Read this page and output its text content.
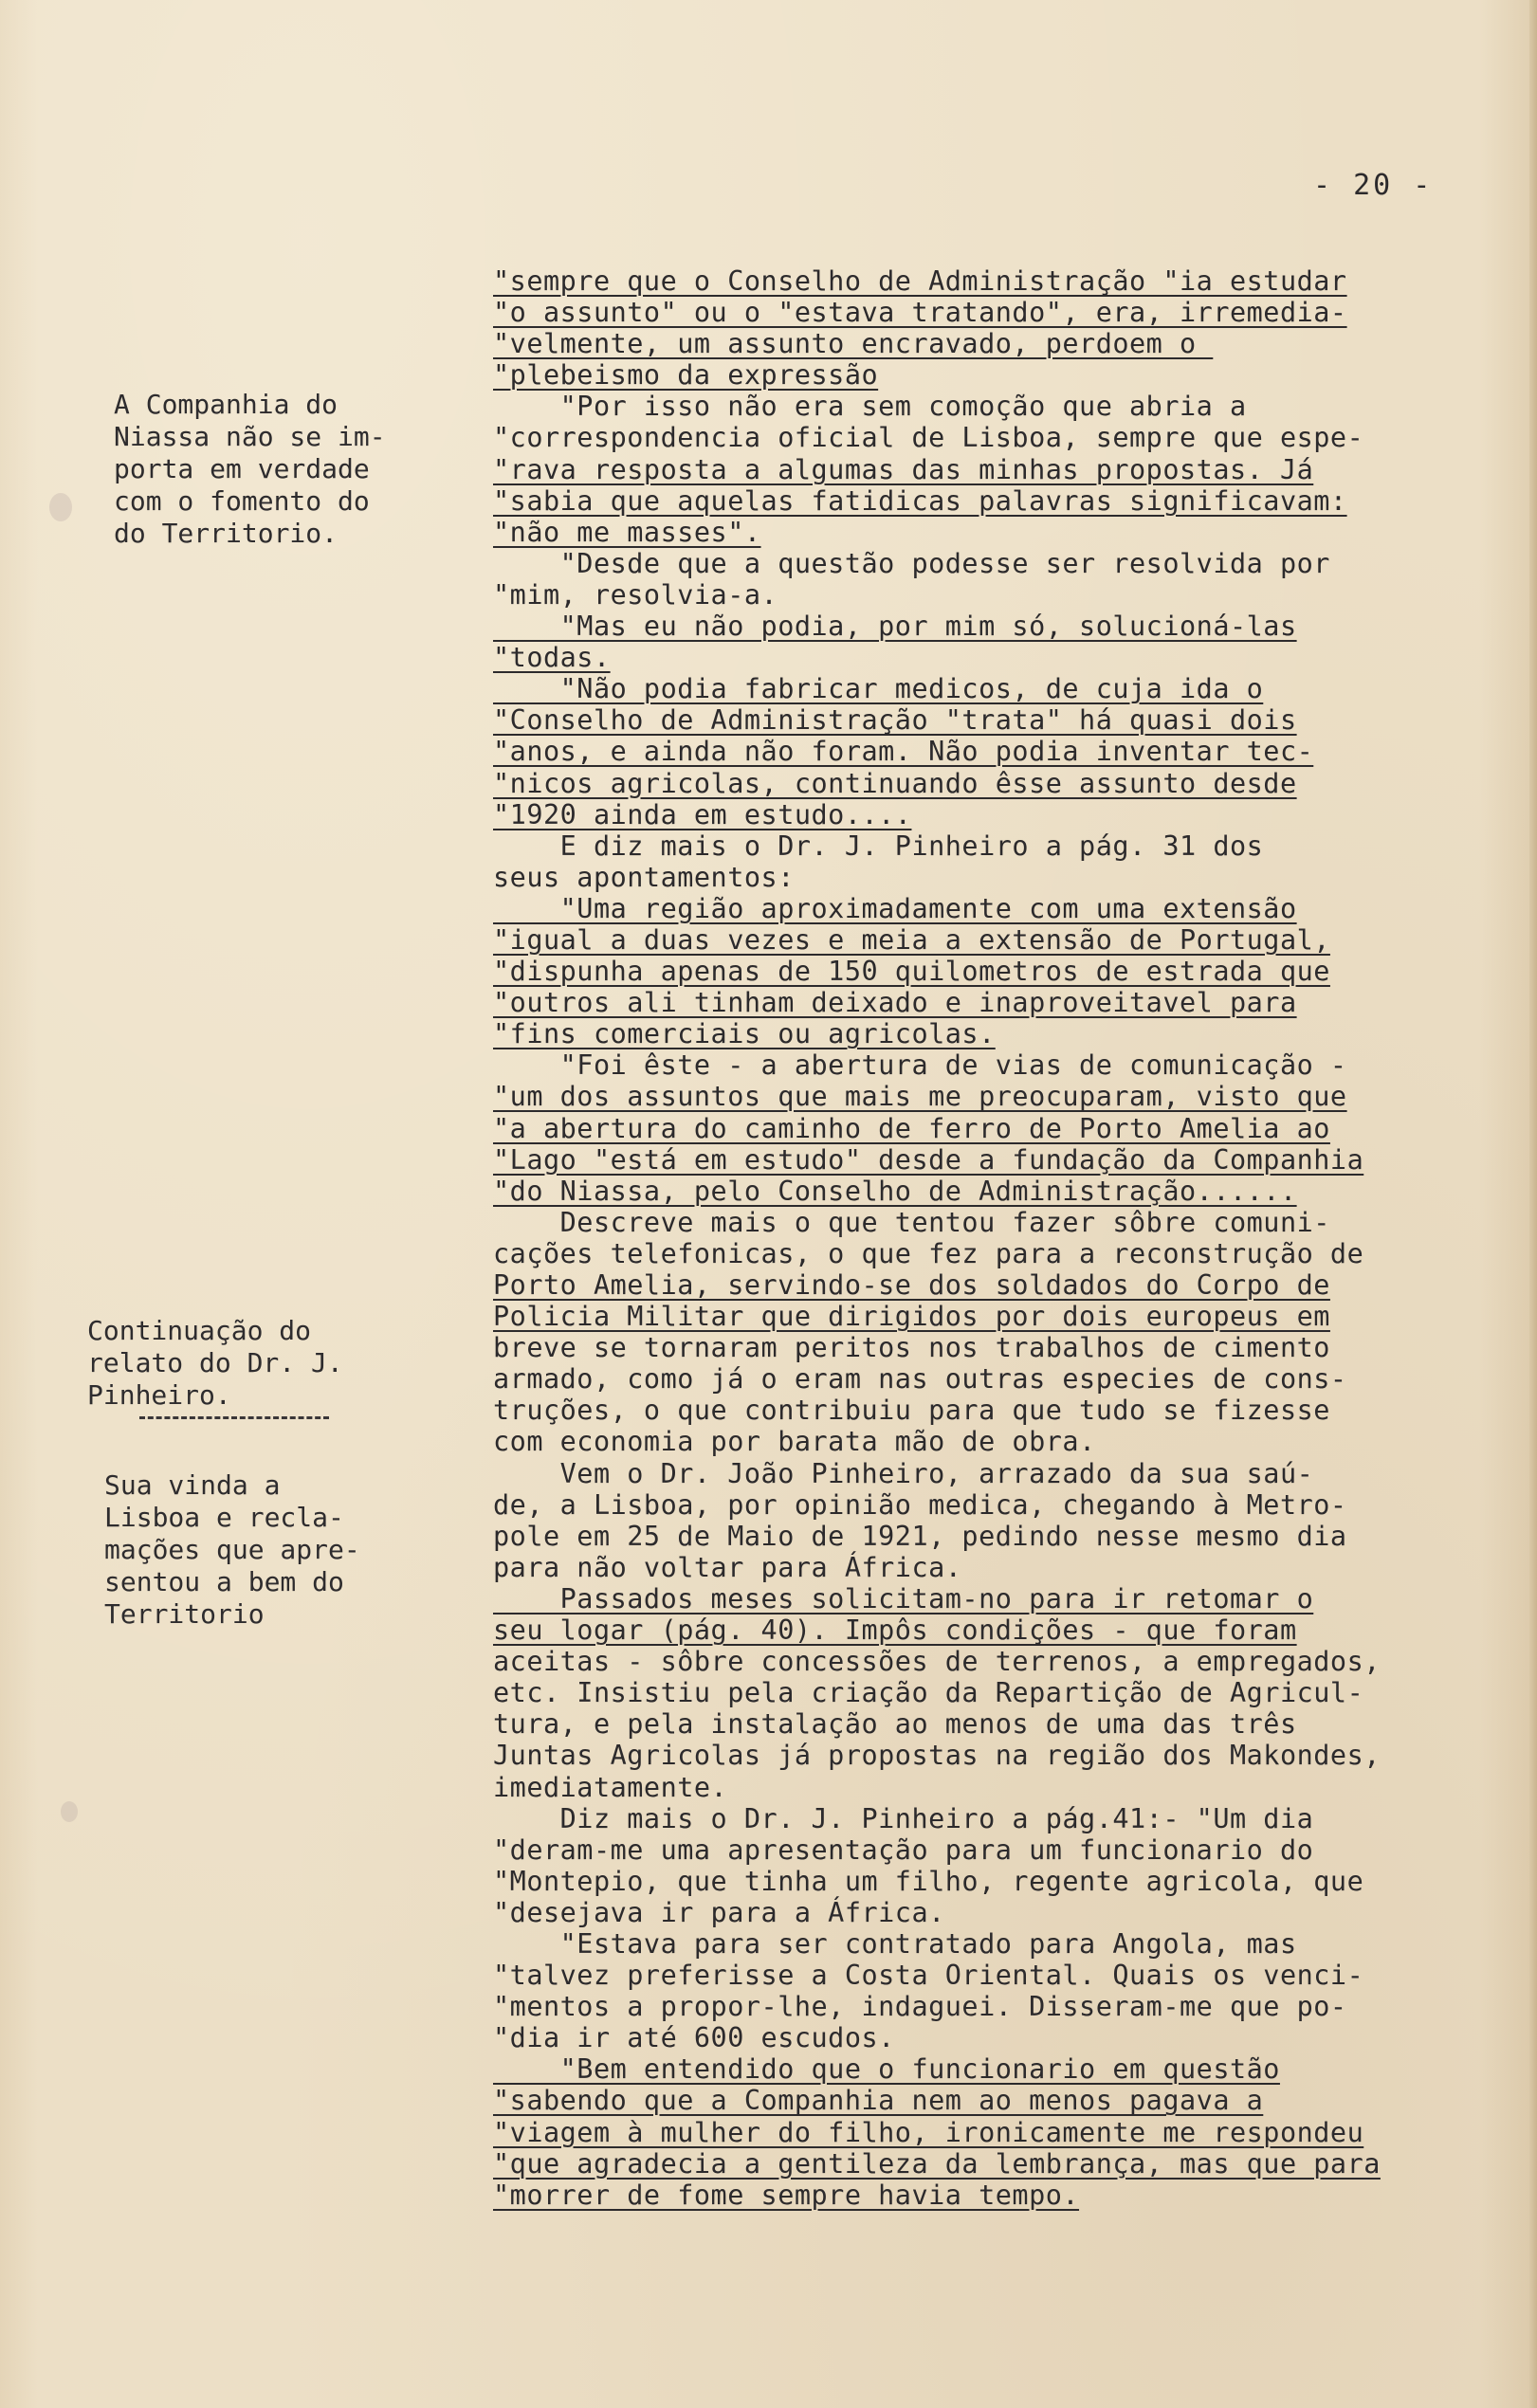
- 20 -
A Companhia do
Niassa não se im-
porta em verdade
com o fomento do
do Territorio.
Continuação do
relato do Dr. J.
Pinheiro.
Sua vinda a
Lisboa e recla-
mações que apre-
sentou a bem do
Territorio
"sempre que o Conselho de Administração "ia estudar
"o assunto" ou o "estava tratando", era, irremedia-
"velmente, um assunto encravado, perdoem o
"plebeismo da expressão
"Por isso não era sem comoção que abria a
"correspondencia oficial de Lisboa, sempre que espe-
"rava resposta a algumas das minhas propostas. Já
"sabia que aquelas fatidicas palavras significavam:
"não me masses".
"Desde que a questão podesse ser resolvida por
"mim, resolvia-a.
"Mas eu não podia, por mim só, solucioná-las
"todas.
"Não podia fabricar medicos, de cuja ida o
"Conselho de Administração "trata" há quasi dois
"anos, e ainda não foram. Não podia inventar tec-
"nicos agricolas, continuando êsse assunto desde
"1920 ainda em estudo....
E diz mais o Dr. J. Pinheiro a pág. 31 dos
seus apontamentos:
"Uma região aproximadamente com uma extensão
"igual a duas vezes e meia a extensão de Portugal,
"dispunha apenas de 150 quilometros de estrada que
"outros ali tinham deixado e inaproveitavel para
"fins comerciais ou agricolas.
"Foi êste - a abertura de vias de comunicação -
"um dos assuntos que mais me preocuparam, visto que
"a abertura do caminho de ferro de Porto Amelia ao
"Lago "está em estudo" desde a fundação da Companhia
"do Niassa, pelo Conselho de Administração......
Descreve mais o que tentou fazer sôbre comuni-
cações telefonicas, o que fez para a reconstrução de
Porto Amelia, servindo-se dos soldados do Corpo de
Policia Militar que dirigidos por dois europeus em
breve se tornaram peritos nos trabalhos de cimento
armado, como já o eram nas outras especies de cons-
truções, o que contribuiu para que tudo se fizesse
com economia por barata mão de obra.
Vem o Dr. João Pinheiro, arrazado da sua saú-
de, a Lisboa, por opinião medica, chegando à Metro-
pole em 25 de Maio de 1921, pedindo nesse mesmo dia
para não voltar para África.
Passados meses solicitam-no para ir retomar o
seu logar (pág. 40). Impôs condições - que foram
aceitas - sôbre concessões de terrenos, a empregados,
etc. Insistiu pela criação da Repartição de Agricul-
tura, e pela instalação ao menos de uma das três
Juntas Agricolas já propostas na região dos Makondes,
imediatamente.
Diz mais o Dr. J. Pinheiro a pág.41:- "Um dia
"deram-me uma apresentação para um funcionario do
"Montepio, que tinha um filho, regente agricola, que
"desejava ir para a África.
"Estava para ser contratado para Angola, mas
"talvez preferisse a Costa Oriental. Quais os venci-
"mentos a propor-lhe, indaguei. Disseram-me que po-
"dia ir até 600 escudos.
"Bem entendido que o funcionario em questão
"sabendo que a Companhia nem ao menos pagava a
"viagem à mulher do filho, ironicamente me respondeu
"que agradecia a gentileza da lembrança, mas que para
"morrer de fome sempre havia tempo.
